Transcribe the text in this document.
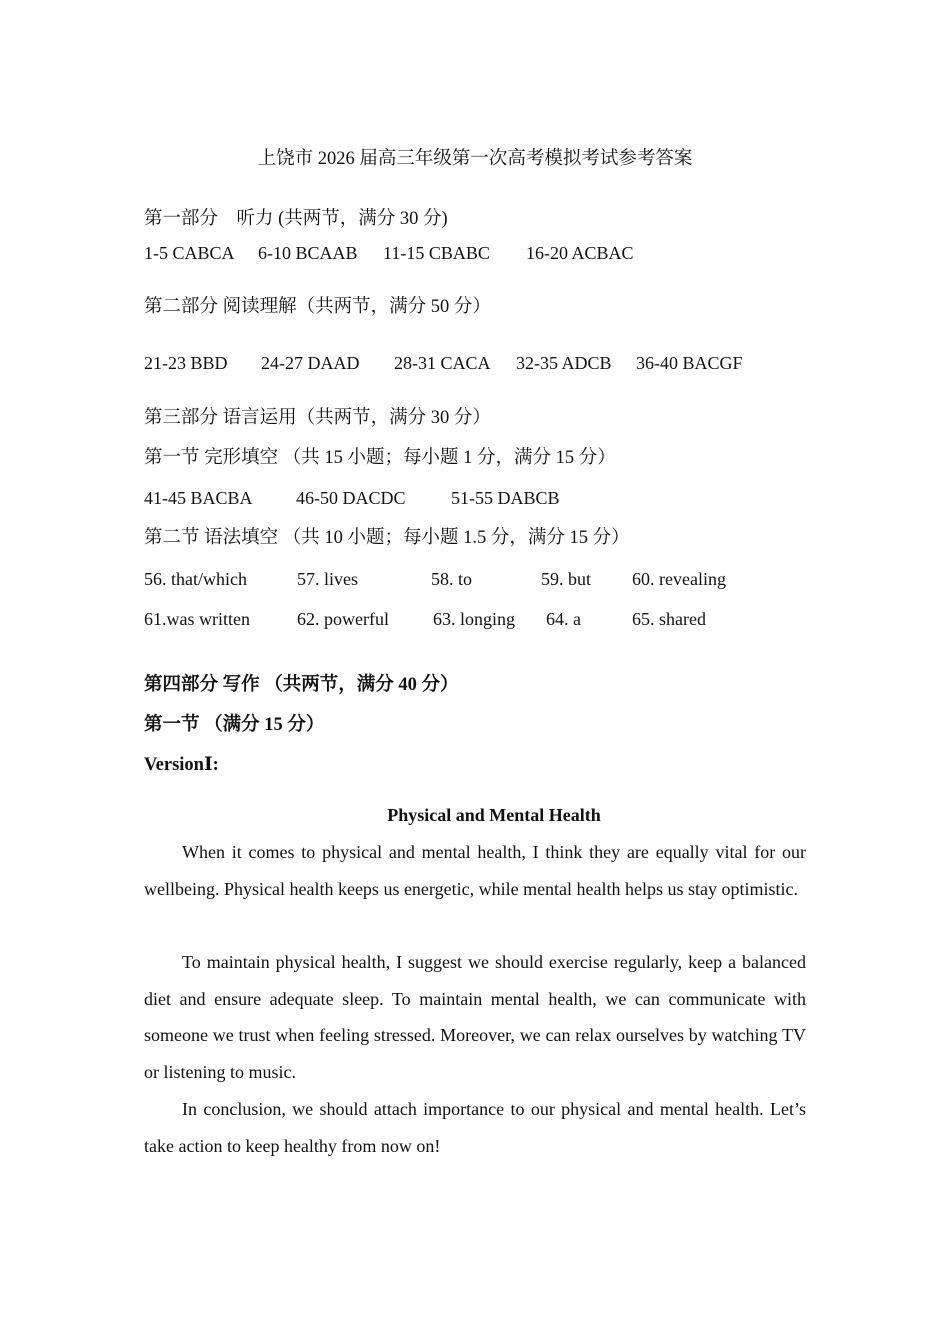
上饶市 2026 届高三年级第一次高考模拟考试参考答案
第一部分　听力 (共两节，满分 30 分)
1-5 CABCA 6-10 BCAAB 11-15 CBABC 16-20 ACBAC
第二部分 阅读理解（共两节，满分 50 分）
21-23 BBD 24-27 DAAD 28-31 CACA 32-35 ADCB 36-40 BACGF
第三部分 语言运用（共两节，满分 30 分）
第一节 完形填空 （共 15 小题；每小题 1 分，满分 15 分）
41-45 BACBA 46-50 DACDC	51-55 DABCB
第二节 语法填空 （共 10 小题；每小题 1.5 分，满分 15 分）
56. that/which	57. lives	58. to	59. but 60. revealing
61.was written	62. powerful 63. longing 64. a	65. shared
第四部分 写作 （共两节，满分 40 分）
第一节 （满分 15 分）
VersionⅠ:
Physical and Mental Health

When it comes to physical and mental health, I think they are equally vital for our wellbeing. Physical health keeps us energetic, while mental health helps us stay optimistic.

To maintain physical health, I suggest we should exercise regularly, keep a balanced diet and ensure adequate sleep. To maintain mental health, we can communicate with someone we trust when feeling stressed. Moreover, we can relax ourselves by watching TV or listening to music.

In conclusion, we should attach importance to our physical and mental health. Let’s take action to keep healthy from now on!
